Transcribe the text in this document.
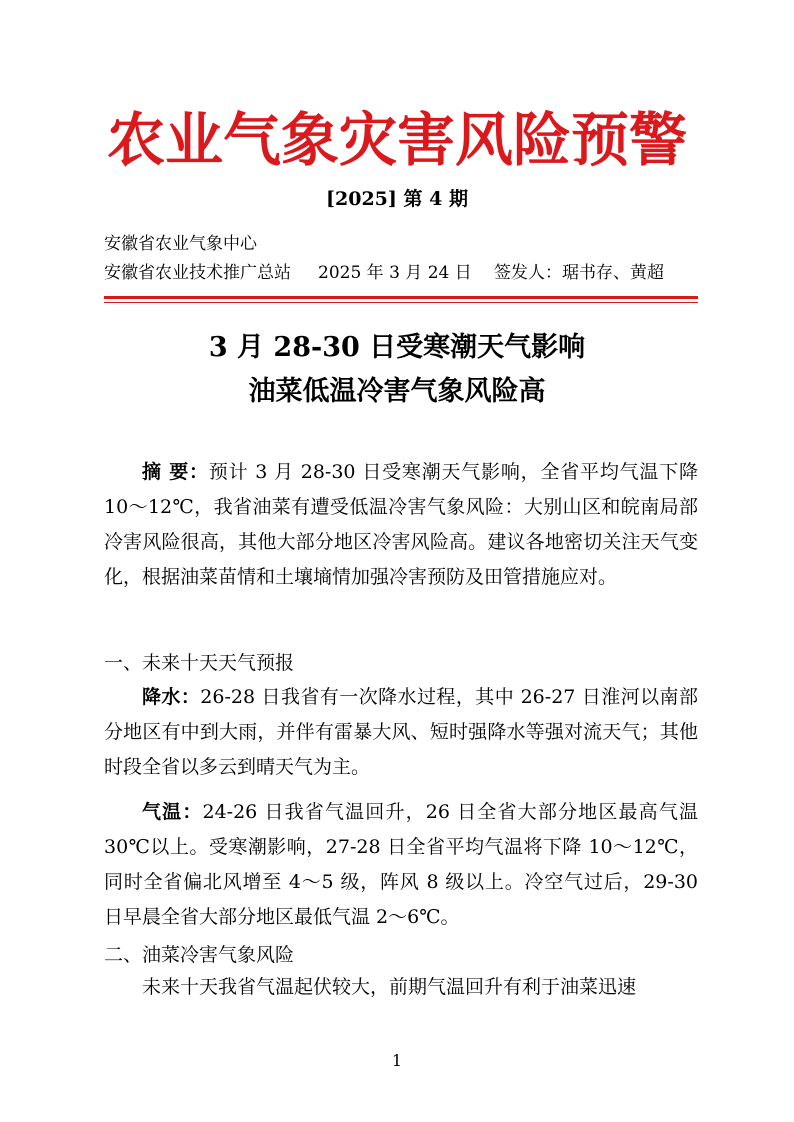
农业气象灾害风险预警
[2025] 第 4 期
安徽省农业气象中心
安徽省农业技术推广总站 2025 年 3 月 24 日 签发人：琚书存、黄超
3 月 28-30 日受寒潮天气影响
油菜低温冷害气象风险高
摘 要：预计 3 月 28-30 日受寒潮天气影响，全省平均气温下降 10～12℃，我省油菜有遭受低温冷害气象风险：大别山区和皖南局部冷害风险很高，其他大部分地区冷害风险高。建议各地密切关注天气变化，根据油菜苗情和土壤墒情加强冷害预防及田管措施应对。
一、未来十天天气预报
降水：26-28 日我省有一次降水过程，其中 26-27 日淮河以南部分地区有中到大雨，并伴有雷暴大风、短时强降水等强对流天气；其他时段全省以多云到晴天气为主。
气温：24-26 日我省气温回升，26 日全省大部分地区最高气温 30℃以上。受寒潮影响，27-28 日全省平均气温将下降 10～12℃，同时全省偏北风增至 4～5 级，阵风 8 级以上。冷空气过后，29-30 日早晨全省大部分地区最低气温 2～6℃。
二、油菜冷害气象风险
未来十天我省气温起伏较大，前期气温回升有利于油菜迅速
1
